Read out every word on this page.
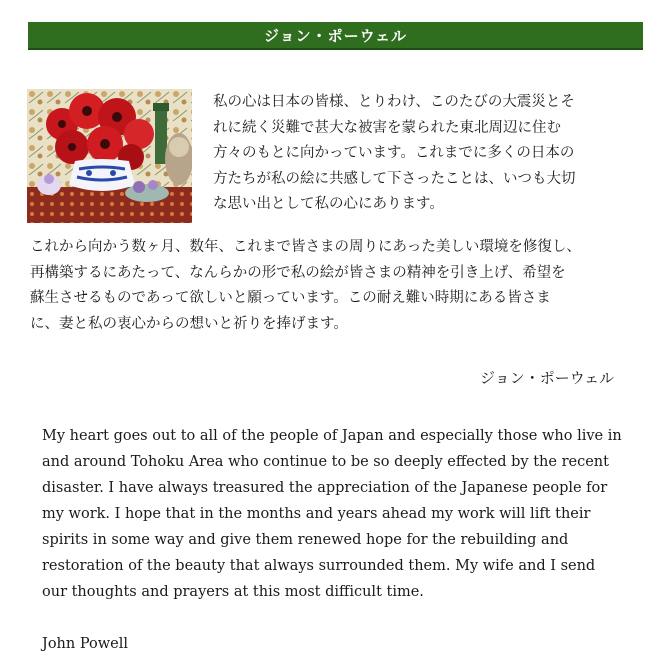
ジョン・ポーウェル
私の心は日本の皆様、とりわけ、このたびの大震災とそ
れに続く災難で甚大な被害を蒙られた東北周辺に住む
方々のもとに向かっています。これまでに多くの日本の
方たちが私の絵に共感して下さったことは、いつも大切
な思い出として私の心にあります。
これから向かう数ヶ月、数年、これまで皆さまの周りにあった美しい環境を修復し、
再構築するにあたって、なんらかの形で私の絵が皆さまの精神を引き上げ、希望を
蘇生させるものであって欲しいと願っています。この耐え難い時期にある皆さま
に、妻と私の衷心からの想いと祈りを捧げます。
ジョン・ポーウェル
My heart goes out to all of the people of Japan and especially those who live in
and around Tohoku Area who continue to be so deeply effected by the recent
disaster. I have always treasured the appreciation of the Japanese people for
my work. I hope that in the months and years ahead my work will lift their
spirits in some way and give them renewed hope for the rebuilding and
restoration of the beauty that always surrounded them. My wife and I send
our thoughts and prayers at this most difficult time.
John Powell
